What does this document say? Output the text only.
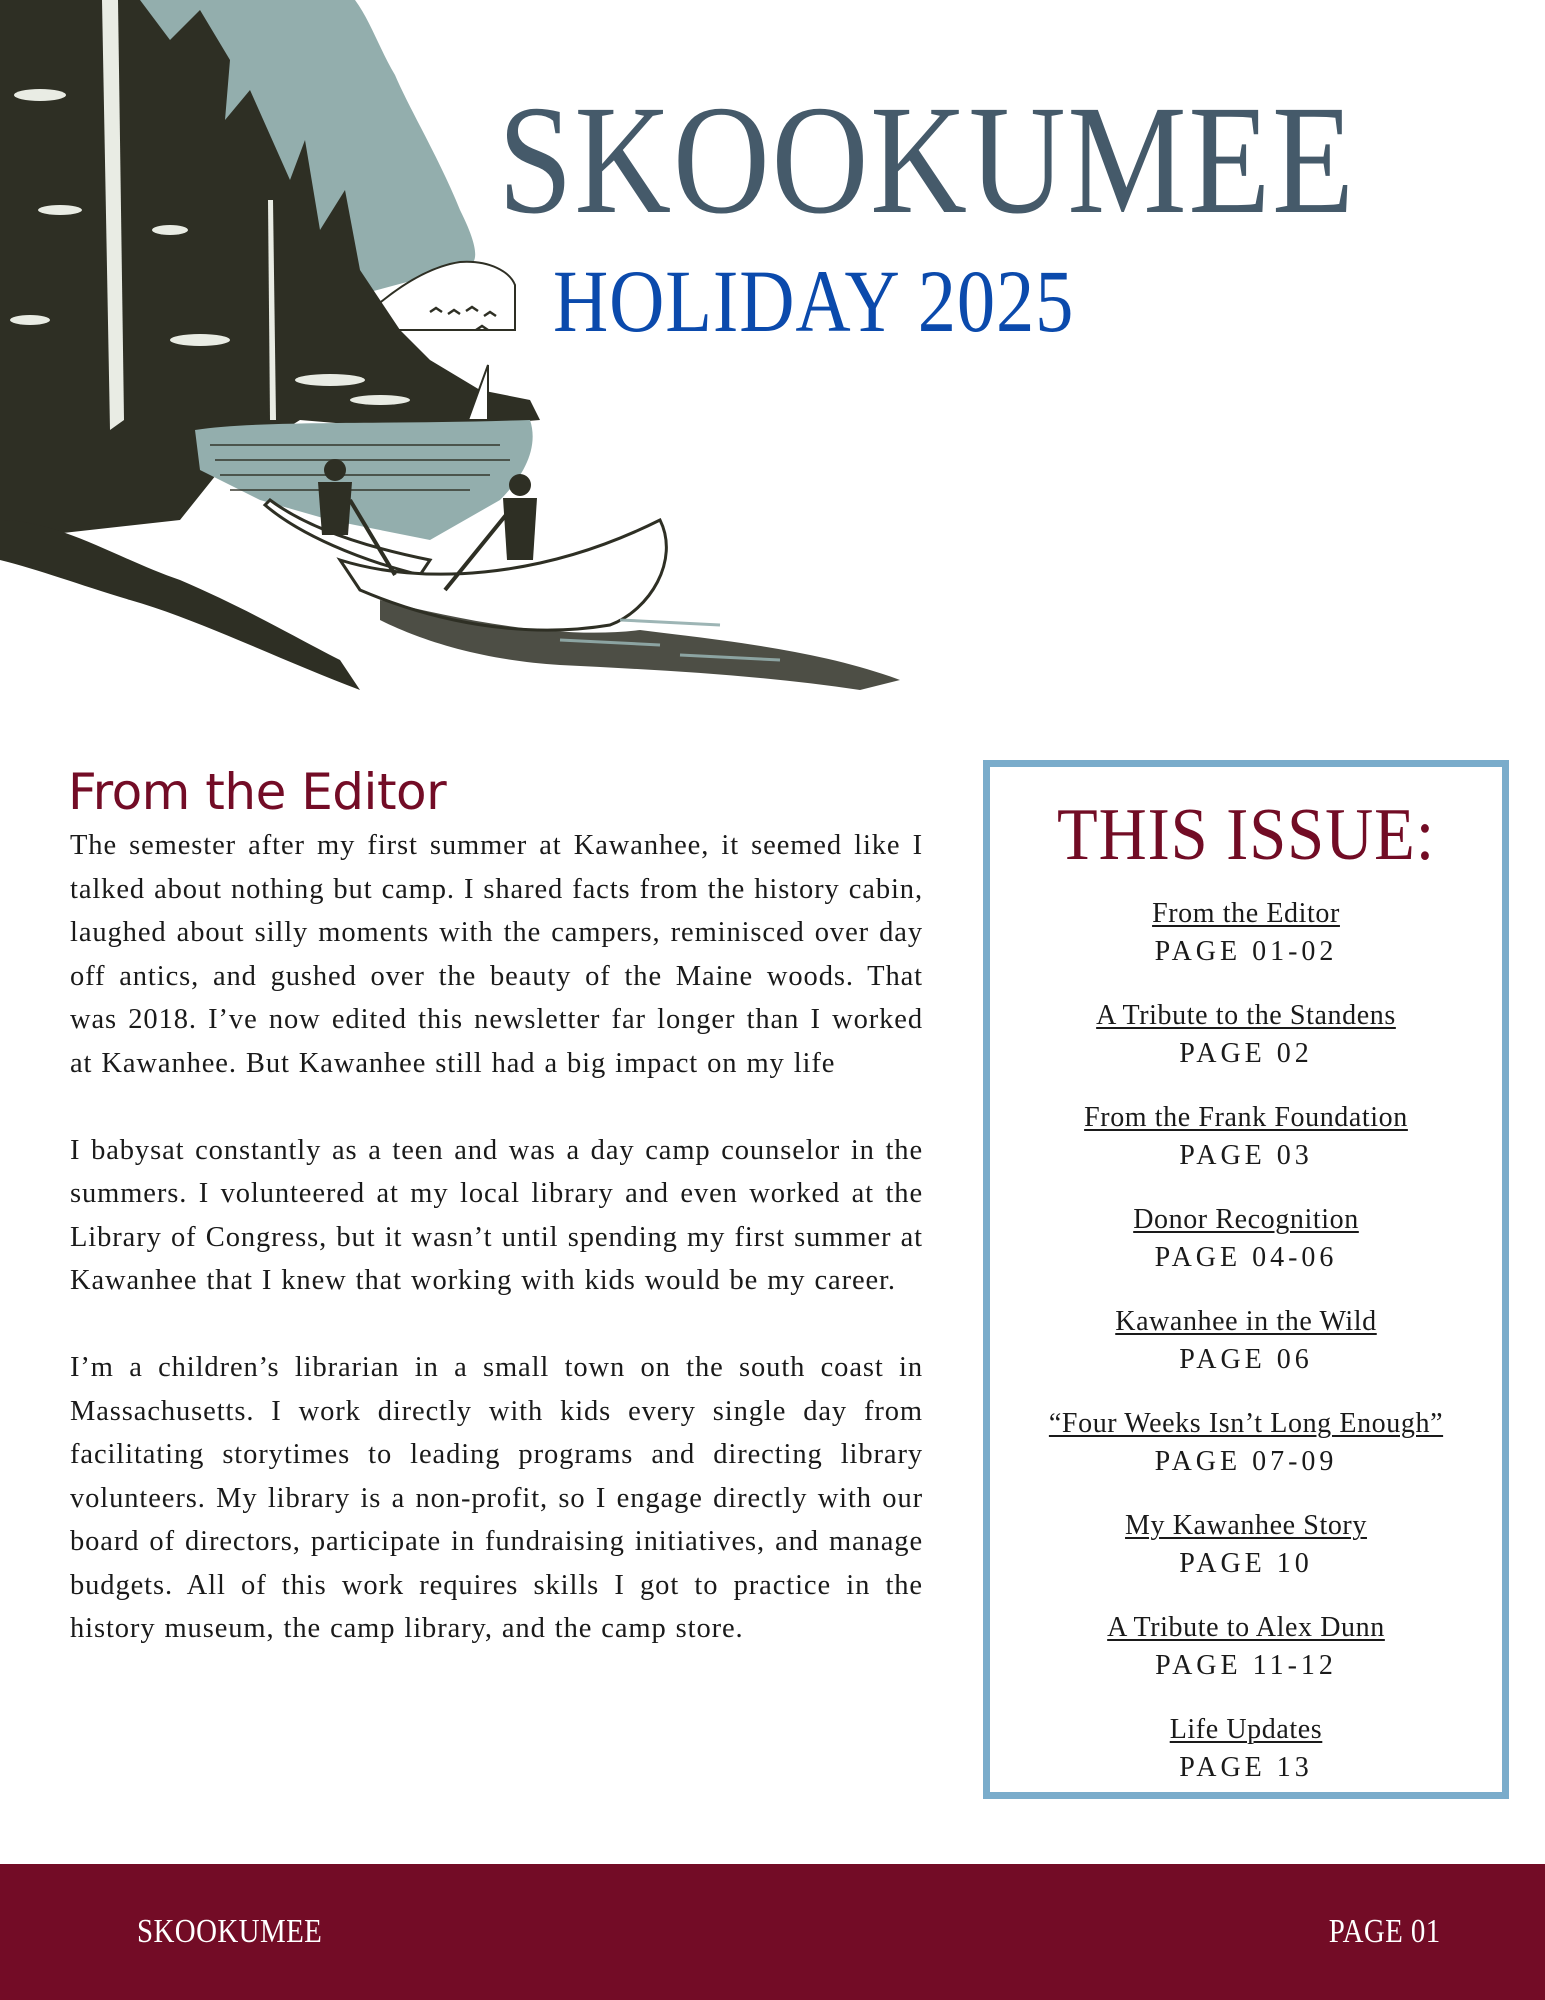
SKOOKUMEE
HOLIDAY 2025
From the Editor

The semester after my first summer at Kawanhee, it seemed like I talked about nothing but camp. I shared facts from the history cabin, laughed about silly moments with the campers, reminisced over day off antics, and gushed over the beauty of the Maine woods. That was 2018. I’ve now edited this newsletter far longer than I worked at Kawanhee. But Kawanhee still had a big impact on my life

I babysat constantly as a teen and was a day camp counselor in the summers. I volunteered at my local library and even worked at the Library of Congress, but it wasn’t until spending my first summer at Kawanhee that I knew that working with kids would be my career.

I’m a children’s librarian in a small town on the south coast in Massachusetts. I work directly with kids every single day from facilitating storytimes to leading programs and directing library volunteers. My library is a non-profit, so I engage directly with our board of directors, participate in fundraising initiatives, and manage budgets. All of this work requires skills I got to practice in the history museum, the camp library, and the camp store.

THIS ISSUE:
From the Editor
PAGE 01-02
A Tribute to the Standens
PAGE 02
From the Frank Foundation
PAGE 03
Donor Recognition
PAGE 04-06
Kawanhee in the Wild
PAGE 06
“Four Weeks Isn’t Long Enough”
PAGE 07-09
My Kawanhee Story
PAGE 10
A Tribute to Alex Dunn
PAGE 11-12
Life Updates
PAGE 13
SKOOKUMEE	PAGE 01
